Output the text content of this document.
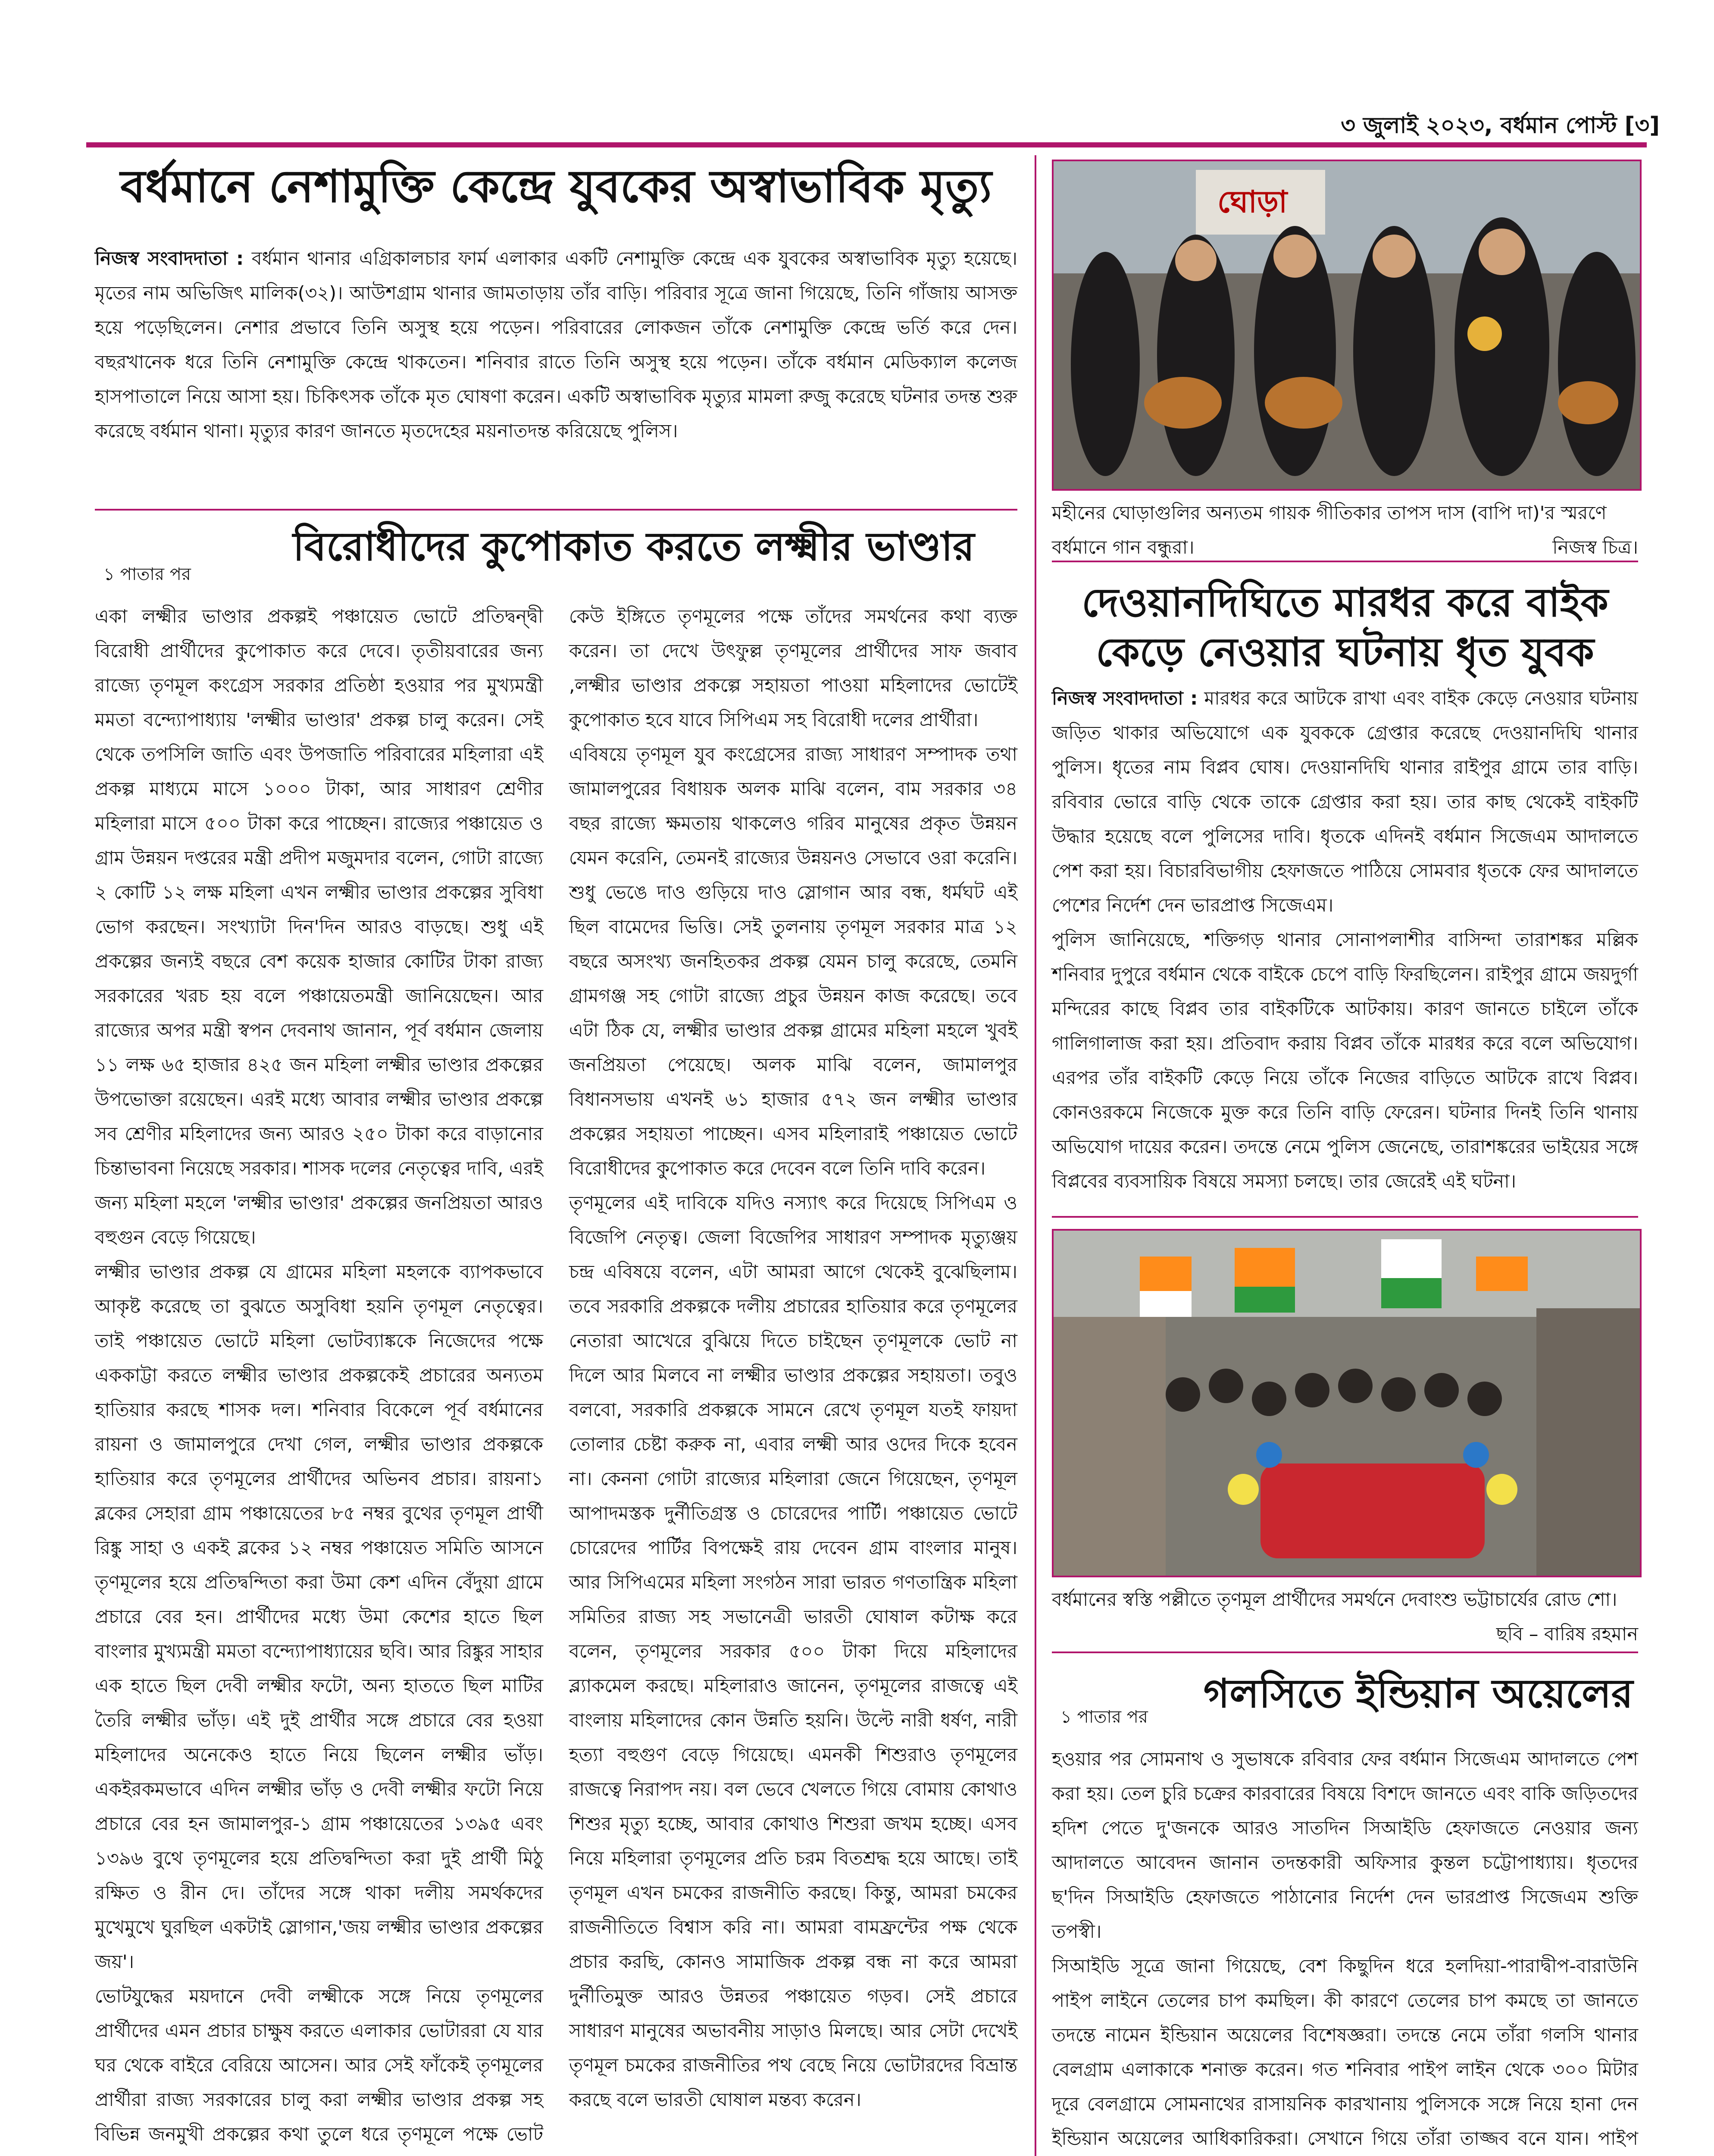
৩ জুলাই ২০২৩, বর্ধমান পোস্ট [৩]
বর্ধমানে নেশামুক্তি কেন্দ্রে যুবকের অস্বাভাবিক মৃত্যু

নিজস্ব সংবাদদাতা : বর্ধমান থানার এগ্রিকালচার ফার্ম এলাকার একটি নেশামুক্তি কেন্দ্রে এক যুবকের অস্বাভাবিক মৃত্যু হয়েছে। মৃতের নাম অভিজিৎ মালিক(৩২)। আউশগ্রাম থানার জামতাড়ায় তাঁর বাড়ি। পরিবার সূত্রে জানা গিয়েছে, তিনি গাঁজায় আসক্ত হয়ে পড়েছিলেন। নেশার প্রভাবে তিনি অসুস্থ হয়ে পড়েন। পরিবারের লোকজন তাঁকে নেশামুক্তি কেন্দ্রে ভর্তি করে দেন। বছরখানেক ধরে তিনি নেশামুক্তি কেন্দ্রে থাকতেন। শনিবার রাতে তিনি অসুস্থ হয়ে পড়েন। তাঁকে বর্ধমান মেডিক্যাল কলেজ হাসপাতালে নিয়ে আসা হয়। চিকিৎসক তাঁকে মৃত ঘোষণা করেন। একটি অস্বাভাবিক মৃত্যুর মামলা রুজু করেছে ঘটনার তদন্ত শুরু করেছে বর্ধমান থানা। মৃত্যুর কারণ জানতে মৃতদেহের ময়নাতদন্ত করিয়েছে পুলিস।

ঘোড়া
মহীনের ঘোড়াগুলির অন্যতম গায়ক গীতিকার তাপস দাস (বাপি দা)'র স্মরণে বর্ধমানে গান বন্ধুরা।	নিজস্ব চিত্র।
১ পাতার পর
বিরোধীদের কুপোকাত করতে লক্ষ্মীর ভাণ্ডার

একা লক্ষ্মীর ভাণ্ডার প্রকল্পই পঞ্চায়েত ভোটে প্রতিদ্বন্দ্বী বিরোধী প্রার্থীদের কুপোকাত করে দেবে। তৃতীয়বারের জন্য রাজ্যে তৃণমূল কংগ্রেস সরকার প্রতিষ্ঠা হওয়ার পর মুখ্যমন্ত্রী মমতা বন্দ্যোপাধ্যায় 'লক্ষ্মীর ভাণ্ডার' প্রকল্প চালু করেন। সেই থেকে তপসিলি জাতি এবং উপজাতি পরিবারের মহিলারা এই প্রকল্প মাধ্যমে মাসে ১০০০ টাকা, আর সাধারণ শ্রেণীর মহিলারা মাসে ৫০০ টাকা করে পাচ্ছেন। রাজ্যের পঞ্চায়েত ও গ্রাম উন্নয়ন দপ্তরের মন্ত্রী প্রদীপ মজুমদার বলেন, গোটা রাজ্যে ২ কোটি ১২ লক্ষ মহিলা এখন লক্ষ্মীর ভাণ্ডার প্রকল্পের সুবিধা ভোগ করছেন। সংখ্যাটা দিন'দিন আরও বাড়ছে। শুধু এই প্রকল্পের জন্যই বছরে বেশ কয়েক হাজার কোটির টাকা রাজ্য সরকারের খরচ হয় বলে পঞ্চায়েতমন্ত্রী জানিয়েছেন। আর রাজ্যের অপর মন্ত্রী স্বপন দেবনাথ জানান, পূর্ব বর্ধমান জেলায় ১১ লক্ষ ৬৫ হাজার ৪২৫ জন মহিলা লক্ষ্মীর ভাণ্ডার প্রকল্পের উপভোক্তা রয়েছেন। এরই মধ্যে আবার লক্ষ্মীর ভাণ্ডার প্রকল্পে সব শ্রেণীর মহিলাদের জন্য আরও ২৫০ টাকা করে বাড়ানোর চিন্তাভাবনা নিয়েছে সরকার। শাসক দলের নেতৃত্বের দাবি, এরই জন্য মহিলা মহলে 'লক্ষ্মীর ভাণ্ডার' প্রকল্পের জনপ্রিয়তা আরও বহুগুন বেড়ে গিয়েছে।

লক্ষ্মীর ভাণ্ডার প্রকল্প যে গ্রামের মহিলা মহলকে ব্যাপকভাবে আকৃষ্ট করেছে তা বুঝতে অসুবিধা হয়নি তৃণমূল নেতৃত্বের। তাই পঞ্চায়েত ভোটে মহিলা ভোটব্যাঙ্ককে নিজেদের পক্ষে এককাট্টা করতে লক্ষ্মীর ভাণ্ডার প্রকল্পকেই প্রচারের অন্যতম হাতিয়ার করছে শাসক দল। শনিবার বিকেলে পূর্ব বর্ধমানের রায়না ও জামালপুরে দেখা গেল, লক্ষ্মীর ভাণ্ডার প্রকল্পকে হাতিয়ার করে তৃণমূলের প্রার্থীদের অভিনব প্রচার। রায়না১ ব্লকের সেহারা গ্রাম পঞ্চায়েতের ৮৫ নম্বর বুথের তৃণমূল প্রার্থী রিঙ্কু সাহা ও একই ব্লকের ১২ নম্বর পঞ্চায়েত সমিতি আসনে তৃণমূলের হয়ে প্রতিদ্বন্দিতা করা উমা কেশ এদিন বেঁদুয়া গ্রামে প্রচারে বের হন। প্রার্থীদের মধ্যে উমা কেশের হাতে ছিল বাংলার মুখ্যমন্ত্রী মমতা বন্দ্যোপাধ্যায়ের ছবি। আর রিঙ্কুর সাহার এক হাতে ছিল দেবী লক্ষ্মীর ফটো, অন্য হাততে ছিল মাটির তৈরি লক্ষ্মীর ভাঁড়। এই দুই প্রার্থীর সঙ্গে প্রচারে বের হওয়া মহিলাদের অনেকেও হাতে নিয়ে ছিলেন লক্ষ্মীর ভাঁড়। একইরকমভাবে এদিন লক্ষ্মীর ভাঁড় ও দেবী লক্ষ্মীর ফটো নিয়ে প্রচারে বের হন জামালপুর-১ গ্রাম পঞ্চায়েতের ১৩৯৫ এবং ১৩৯৬ বুথে তৃণমূলের হয়ে প্রতিদ্বন্দিতা করা দুই প্রার্থী মিঠু রক্ষিত ও রীন দে। তাঁদের সঙ্গে থাকা দলীয় সমর্থকদের মুখেমুখে ঘুরছিল একটাই স্লোগান,'জয় লক্ষ্মীর ভাণ্ডার প্রকল্পের জয়'।

ভোটযুদ্ধের ময়দানে দেবী লক্ষ্মীকে সঙ্গে নিয়ে তৃণমূলের প্রার্থীদের এমন প্রচার চাক্ষুষ করতে এলাকার ভোটাররা যে যার ঘর থেকে বাইরে বেরিয়ে আসেন। আর সেই ফাঁকেই তৃণমূলের প্রার্থীরা রাজ্য সরকারের চালু করা লক্ষ্মীর ভাণ্ডার প্রকল্প সহ বিভিন্ন জনমুখী প্রকল্পের কথা তুলে ধরে তৃণমূলে পক্ষে ভোট

কেউ ইঙ্গিতে তৃণমূলের পক্ষে তাঁদের সমর্থনের কথা ব্যক্ত করেন। তা দেখে উৎফুল্ল তৃণমূলের প্রার্থীদের সাফ জবাব ,লক্ষ্মীর ভাণ্ডার প্রকল্পে সহায়তা পাওয়া মহিলাদের ভোটেই কুপোকাত হবে যাবে সিপিএম সহ বিরোধী দলের প্রার্থীরা।

এবিষয়ে তৃণমূল যুব কংগ্রেসের রাজ্য সাধারণ সম্পাদক তথা জামালপুরের বিধায়ক অলক মাঝি বলেন, বাম সরকার ৩৪ বছর রাজ্যে ক্ষমতায় থাকলেও গরিব মানুষের প্রকৃত উন্নয়ন যেমন করেনি, তেমনই রাজ্যের উন্নয়নও সেভাবে ওরা করেনি। শুধু ভেঙে দাও গুড়িয়ে দাও স্লোগান আর বন্ধ, ধর্মঘট এই ছিল বামেদের ভিত্তি। সেই তুলনায় তৃণমূল সরকার মাত্র ১২ বছরে অসংখ্য জনহিতকর প্রকল্প যেমন চালু করেছে, তেমনি গ্রামগঞ্জ সহ গোটা রাজ্যে প্রচুর উন্নয়ন কাজ করেছে। তবে এটা ঠিক যে, লক্ষ্মীর ভাণ্ডার প্রকল্প গ্রামের মহিলা মহলে খুবই জনপ্রিয়তা পেয়েছে। অলক মাঝি বলেন, জামালপুর বিধানসভায় এখনই ৬১ হাজার ৫৭২ জন লক্ষ্মীর ভাণ্ডার প্রকল্পের সহায়তা পাচ্ছেন। এসব মহিলারাই পঞ্চায়েত ভোটে বিরোধীদের কুপোকাত করে দেবেন বলে তিনি দাবি করেন।

তৃণমূলের এই দাবিকে যদিও নস্যাৎ করে দিয়েছে সিপিএম ও বিজেপি নেতৃত্ব। জেলা বিজেপির সাধারণ সম্পাদক মৃত্যুঞ্জয় চন্দ্র এবিষয়ে বলেন, এটা আমরা আগে থেকেই বুঝেছিলাম। তবে সরকারি প্রকল্পকে দলীয় প্রচারের হাতিয়ার করে তৃণমূলের নেতারা আখেরে বুঝিয়ে দিতে চাইছেন তৃণমূলকে ভোট না দিলে আর মিলবে না লক্ষ্মীর ভাণ্ডার প্রকল্পের সহায়তা। তবুও বলবো, সরকারি প্রকল্পকে সামনে রেখে তৃণমূল যতই ফায়দা তোলার চেষ্টা করুক না, এবার লক্ষ্মী আর ওদের দিকে হবেন না। কেননা গোটা রাজ্যের মহিলারা জেনে গিয়েছেন, তৃণমূল আপাদমস্তক দুর্নীতিগ্রস্ত ও চোরেদের পার্টি। পঞ্চায়েত ভোটে চোরেদের পার্টির বিপক্ষেই রায় দেবেন গ্রাম বাংলার মানুষ। আর সিপিএমের মহিলা সংগঠন সারা ভারত গণতান্ত্রিক মহিলা সমিতির রাজ্য সহ সভানেত্রী ভারতী ঘোষাল কটাক্ষ করে বলেন, তৃণমূলের সরকার ৫০০ টাকা দিয়ে মহিলাদের ব্ল্যাকমেল করছে। মহিলারাও জানেন, তৃণমূলের রাজত্বে এই বাংলায় মহিলাদের কোন উন্নতি হয়নি। উল্টে নারী ধর্ষণ, নারী হত্যা বহুগুণ বেড়ে গিয়েছে। এমনকী শিশুরাও তৃণমূলের রাজত্বে নিরাপদ নয়। বল ভেবে খেলতে গিয়ে বোমায় কোথাও শিশুর মৃত্যু হচ্ছে, আবার কোথাও শিশুরা জখম হচ্ছে। এসব নিয়ে মহিলারা তৃণমূলের প্রতি চরম বিতশ্রদ্ধ হয়ে আছে। তাই তৃণমূল এখন চমকের রাজনীতি করছে। কিন্তু, আমরা চমকের রাজনীতিতে বিশ্বাস করি না। আমরা বামফ্রন্টের পক্ষ থেকে প্রচার করছি, কোনও সামাজিক প্রকল্প বন্ধ না করে আমরা দুর্নীতিমুক্ত আরও উন্নতর পঞ্চায়েত গড়ব। সেই প্রচারে সাধারণ মানুষের অভাবনীয় সাড়াও মিলছে। আর সেটা দেখেই তৃণমূল চমকের রাজনীতির পথ বেছে নিয়ে ভোটারদের বিভ্রান্ত করছে বলে ভারতী ঘোষাল মন্তব্য করেন।

দেওয়ানদিঘিতে মারধর করে বাইক কেড়ে নেওয়ার ঘটনায় ধৃত যুবক

নিজস্ব সংবাদদাতা : মারধর করে আটকে রাখা এবং বাইক কেড়ে নেওয়ার ঘটনায় জড়িত থাকার অভিযোগে এক যুবককে গ্রেপ্তার করেছে দেওয়ানদিঘি থানার পুলিস। ধৃতের নাম বিপ্লব ঘোষ। দেওয়ানদিঘি থানার রাইপুর গ্রামে তার বাড়ি। রবিবার ভোরে বাড়ি থেকে তাকে গ্রেপ্তার করা হয়। তার কাছ থেকেই বাইকটি উদ্ধার হয়েছে বলে পুলিসের দাবি। ধৃতকে এদিনই বর্ধমান সিজেএম আদালতে পেশ করা হয়। বিচারবিভাগীয় হেফাজতে পাঠিয়ে সোমবার ধৃতকে ফের আদালতে পেশের নির্দেশ দেন ভারপ্রাপ্ত সিজেএম।

পুলিস জানিয়েছে, শক্তিগড় থানার সোনাপলাশীর বাসিন্দা তারাশঙ্কর মল্লিক শনিবার দুপুরে বর্ধমান থেকে বাইকে চেপে বাড়ি ফিরছিলেন। রাইপুর গ্রামে জয়দুর্গা মন্দিরের কাছে বিপ্লব তার বাইকটিকে আটকায়। কারণ জানতে চাইলে তাঁকে গালিগালাজ করা হয়। প্রতিবাদ করায় বিপ্লব তাঁকে মারধর করে বলে অভিযোগ। এরপর তাঁর বাইকটি কেড়ে নিয়ে তাঁকে নিজের বাড়িতে আটকে রাখে বিপ্লব। কোনওরকমে নিজেকে মুক্ত করে তিনি বাড়ি ফেরেন। ঘটনার দিনই তিনি থানায় অভিযোগ দায়ের করেন। তদন্তে নেমে পুলিস জেনেছে, তারাশঙ্করের ভাইয়ের সঙ্গে বিপ্লবের ব্যবসায়িক বিষয়ে সমস্যা চলছে। তার জেরেই এই ঘটনা।

বর্ধমানের স্বস্তি পল্লীতে তৃণমূল প্রার্থীদের সমর্থনে দেবাংশু ভট্টাচার্যের রোড শো।
ছবি – বারিষ রহমান
১ পাতার পর
গলসিতে ইন্ডিয়ান অয়েলের

হওয়ার পর সোমনাথ ও সুভাষকে রবিবার ফের বর্ধমান সিজেএম আদালতে পেশ করা হয়। তেল চুরি চক্রের কারবারের বিষয়ে বিশদে জানতে এবং বাকি জড়িতদের হদিশ পেতে দু'জনকে আরও সাতদিন সিআইডি হেফাজতে নেওয়ার জন্য আদালতে আবেদন জানান তদন্তকারী অফিসার কুন্তল চট্টোপাধ্যায়। ধৃতদের ছ'দিন সিআইডি হেফাজতে পাঠানোর নির্দেশ দেন ভারপ্রাপ্ত সিজেএম শুক্তি তপস্বী।

সিআইডি সূত্রে জানা গিয়েছে, বেশ কিছুদিন ধরে হলদিয়া-পারাদ্বীপ-বারাউনি পাইপ লাইনে তেলের চাপ কমছিল। কী কারণে তেলের চাপ কমছে তা জানতে তদন্তে নামেন ইন্ডিয়ান অয়েলের বিশেষজ্ঞরা। তদন্তে নেমে তাঁরা গলসি থানার বেলগ্রাম এলাকাকে শনাক্ত করেন। গত শনিবার পাইপ লাইন থেকে ৩০০ মিটার দূরে বেলগ্রামে সোমনাথের রাসায়নিক কারখানায় পুলিসকে সঙ্গে নিয়ে হানা দেন ইন্ডিয়ান অয়েলের আধিকারিকরা। সেখানে গিয়ে তাঁরা তাজ্জব বনে যান। পাইপ
